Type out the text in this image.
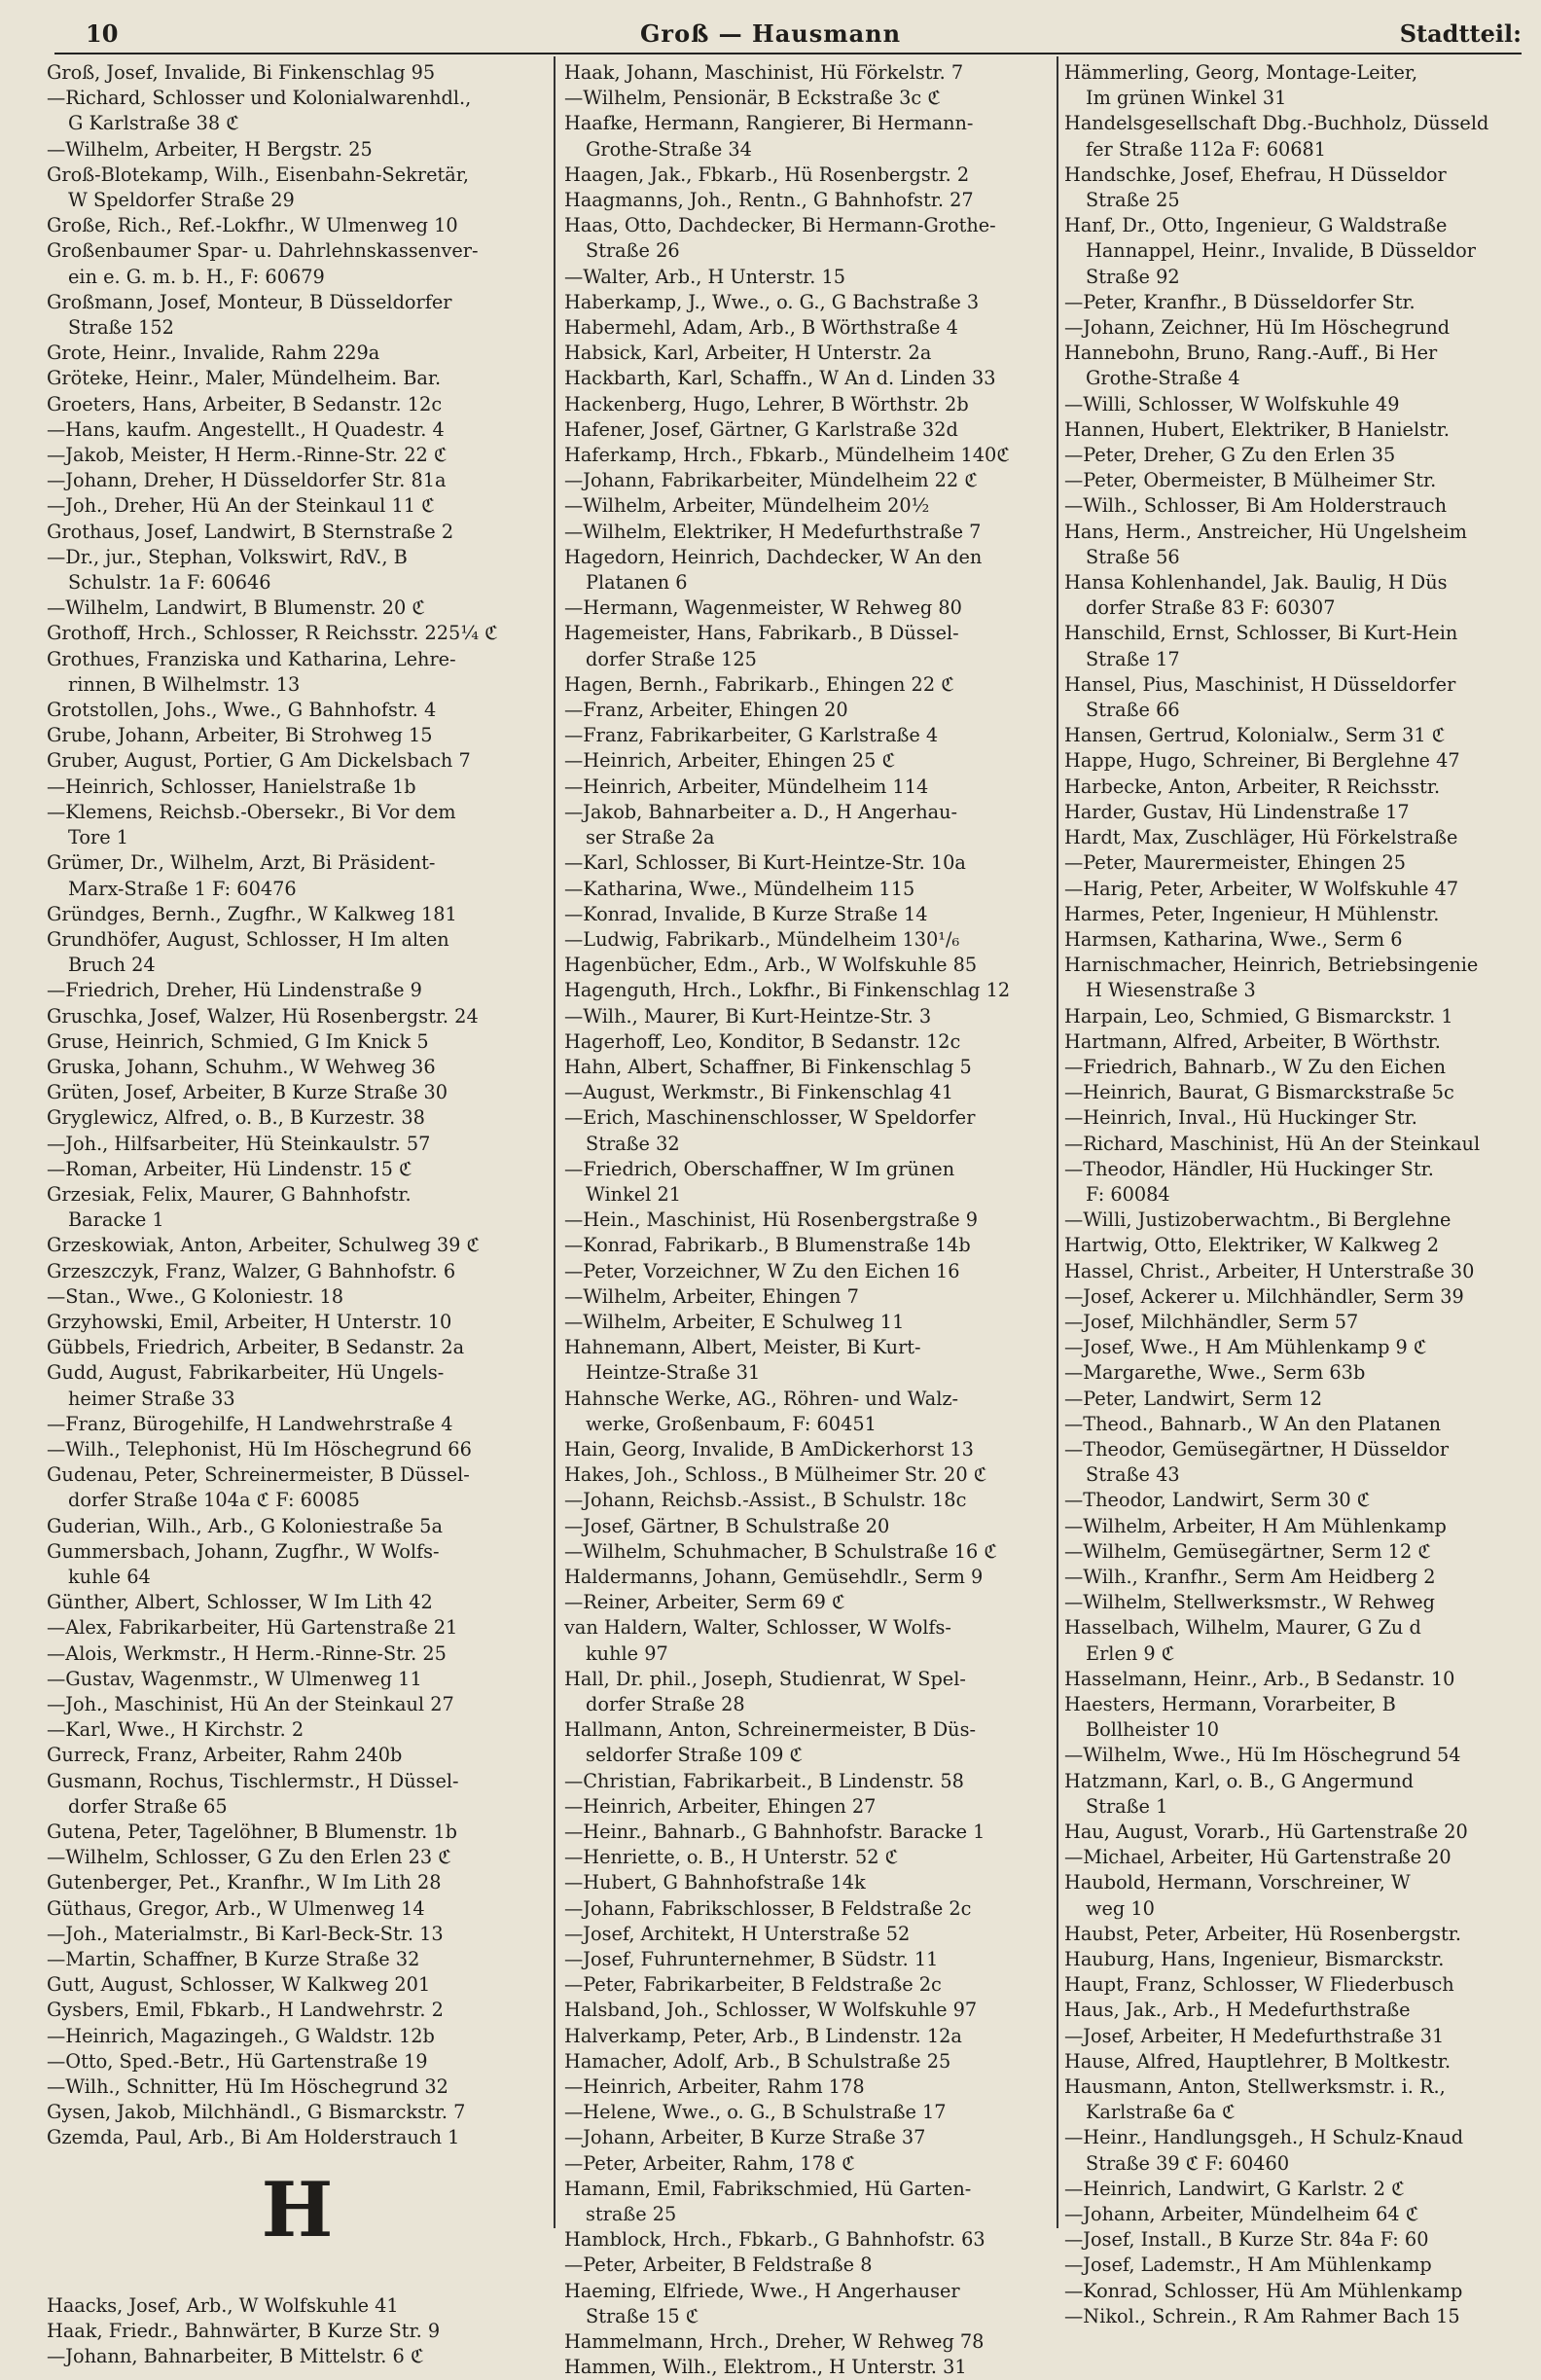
10	Groß — Hausmann	Stadtteil:
Groß, Josef, Invalide, Bi Finkenschlag 95
—Richard, Schlosser und Kolonialwarenhdl.,
G Karlstraße 38 ℭ
—Wilhelm, Arbeiter, H Bergstr. 25
Groß-Blotekamp, Wilh., Eisenbahn-Sekretär,
W Speldorfer Straße 29
Große, Rich., Ref.-Lokfhr., W Ulmenweg 10
Großenbaumer Spar- u. Dahrlehnskassenver-
ein e. G. m. b. H., F: 60679
Großmann, Josef, Monteur, B Düsseldorfer
Straße 152
Grote, Heinr., Invalide, Rahm 229a
Gröteke, Heinr., Maler, Mündelheim. Bar.
Groeters, Hans, Arbeiter, B Sedanstr. 12c
—Hans, kaufm. Angestellt., H Quadestr. 4
—Jakob, Meister, H Herm.-Rinne-Str. 22 ℭ
—Johann, Dreher, H Düsseldorfer Str. 81a
—Joh., Dreher, Hü An der Steinkaul 11 ℭ
Grothaus, Josef, Landwirt, B Sternstraße 2
—Dr., jur., Stephan, Volkswirt, RdV., B
Schulstr. 1a F: 60646
—Wilhelm, Landwirt, B Blumenstr. 20 ℭ
Grothoff, Hrch., Schlosser, R Reichsstr. 225¼ ℭ
Grothues, Franziska und Katharina, Lehre-
rinnen, B Wilhelmstr. 13
Grotstollen, Johs., Wwe., G Bahnhofstr. 4
Grube, Johann, Arbeiter, Bi Strohweg 15
Gruber, August, Portier, G Am Dickelsbach 7
—Heinrich, Schlosser, Hanielstraße 1b
—Klemens, Reichsb.-Obersekr., Bi Vor dem
Tore 1
Grümer, Dr., Wilhelm, Arzt, Bi Präsident-
Marx-Straße 1 F: 60476
Gründges, Bernh., Zugfhr., W Kalkweg 181
Grundhöfer, August, Schlosser, H Im alten
Bruch 24
—Friedrich, Dreher, Hü Lindenstraße 9
Gruschka, Josef, Walzer, Hü Rosenbergstr. 24
Gruse, Heinrich, Schmied, G Im Knick 5
Gruska, Johann, Schuhm., W Wehweg 36
Grüten, Josef, Arbeiter, B Kurze Straße 30
Gryglewicz, Alfred, o. B., B Kurzestr. 38
—Joh., Hilfsarbeiter, Hü Steinkaulstr. 57
—Roman, Arbeiter, Hü Lindenstr. 15 ℭ
Grzesiak, Felix, Maurer, G Bahnhofstr.
Baracke 1
Grzeskowiak, Anton, Arbeiter, Schulweg 39 ℭ
Grzeszczyk, Franz, Walzer, G Bahnhofstr. 6
—Stan., Wwe., G Koloniestr. 18
Grzyhowski, Emil, Arbeiter, H Unterstr. 10
Gübbels, Friedrich, Arbeiter, B Sedanstr. 2a
Gudd, August, Fabrikarbeiter, Hü Ungels-
heimer Straße 33
—Franz, Bürogehilfe, H Landwehrstraße 4
—Wilh., Telephonist, Hü Im Höschegrund 66
Gudenau, Peter, Schreinermeister, B Düssel-
dorfer Straße 104a ℭ F: 60085
Guderian, Wilh., Arb., G Koloniestraße 5a
Gummersbach, Johann, Zugfhr., W Wolfs-
kuhle 64
Günther, Albert, Schlosser, W Im Lith 42
—Alex, Fabrikarbeiter, Hü Gartenstraße 21
—Alois, Werkmstr., H Herm.-Rinne-Str. 25
—Gustav, Wagenmstr., W Ulmenweg 11
—Joh., Maschinist, Hü An der Steinkaul 27
—Karl, Wwe., H Kirchstr. 2
Gurreck, Franz, Arbeiter, Rahm 240b
Gusmann, Rochus, Tischlermstr., H Düssel-
dorfer Straße 65
Gutena, Peter, Tagelöhner, B Blumenstr. 1b
—Wilhelm, Schlosser, G Zu den Erlen 23 ℭ
Gutenberger, Pet., Kranfhr., W Im Lith 28
Güthaus, Gregor, Arb., W Ulmenweg 14
—Joh., Materialmstr., Bi Karl-Beck-Str. 13
—Martin, Schaffner, B Kurze Straße 32
Gutt, August, Schlosser, W Kalkweg 201
Gysbers, Emil, Fbkarb., H Landwehrstr. 2
—Heinrich, Magazingeh., G Waldstr. 12b
—Otto, Sped.-Betr., Hü Gartenstraße 19
—Wilh., Schnitter, Hü Im Höschegrund 32
Gysen, Jakob, Milchhändl., G Bismarckstr. 7
Gzemda, Paul, Arb., Bi Am Holderstrauch 1
H
Haacks, Josef, Arb., W Wolfskuhle 41
Haak, Friedr., Bahnwärter, B Kurze Str. 9
—Johann, Bahnarbeiter, B Mittelstr. 6 ℭ
Haak, Johann, Maschinist, Hü Förkelstr. 7
—Wilhelm, Pensionär, B Eckstraße 3c ℭ
Haafke, Hermann, Rangierer, Bi Hermann-
Grothe-Straße 34
Haagen, Jak., Fbkarb., Hü Rosenbergstr. 2
Haagmanns, Joh., Rentn., G Bahnhofstr. 27
Haas, Otto, Dachdecker, Bi Hermann-Grothe-
Straße 26
—Walter, Arb., H Unterstr. 15
Haberkamp, J., Wwe., o. G., G Bachstraße 3
Habermehl, Adam, Arb., B Wörthstraße 4
Habsick, Karl, Arbeiter, H Unterstr. 2a
Hackbarth, Karl, Schaffn., W An d. Linden 33
Hackenberg, Hugo, Lehrer, B Wörthstr. 2b
Hafener, Josef, Gärtner, G Karlstraße 32d
Haferkamp, Hrch., Fbkarb., Mündelheim 140ℭ
—Johann, Fabrikarbeiter, Mündelheim 22 ℭ
—Wilhelm, Arbeiter, Mündelheim 20½
—Wilhelm, Elektriker, H Medefurthstraße 7
Hagedorn, Heinrich, Dachdecker, W An den
Platanen 6
—Hermann, Wagenmeister, W Rehweg 80
Hagemeister, Hans, Fabrikarb., B Düssel-
dorfer Straße 125
Hagen, Bernh., Fabrikarb., Ehingen 22 ℭ
—Franz, Arbeiter, Ehingen 20
—Franz, Fabrikarbeiter, G Karlstraße 4
—Heinrich, Arbeiter, Ehingen 25 ℭ
—Heinrich, Arbeiter, Mündelheim 114
—Jakob, Bahnarbeiter a. D., H Angerhau-
ser Straße 2a
—Karl, Schlosser, Bi Kurt-Heintze-Str. 10a
—Katharina, Wwe., Mündelheim 115
—Konrad, Invalide, B Kurze Straße 14
—Ludwig, Fabrikarb., Mündelheim 130¹/₆
Hagenbücher, Edm., Arb., W Wolfskuhle 85
Hagenguth, Hrch., Lokfhr., Bi Finkenschlag 12
—Wilh., Maurer, Bi Kurt-Heintze-Str. 3
Hagerhoff, Leo, Konditor, B Sedanstr. 12c
Hahn, Albert, Schaffner, Bi Finkenschlag 5
—August, Werkmstr., Bi Finkenschlag 41
—Erich, Maschinenschlosser, W Speldorfer
Straße 32
—Friedrich, Oberschaffner, W Im grünen
Winkel 21
—Hein., Maschinist, Hü Rosenbergstraße 9
—Konrad, Fabrikarb., B Blumenstraße 14b
—Peter, Vorzeichner, W Zu den Eichen 16
—Wilhelm, Arbeiter, Ehingen 7
—Wilhelm, Arbeiter, E Schulweg 11
Hahnemann, Albert, Meister, Bi Kurt-
Heintze-Straße 31
Hahnsche Werke, AG., Röhren- und Walz-
werke, Großenbaum, F: 60451
Hain, Georg, Invalide, B AmDickerhorst 13
Hakes, Joh., Schloss., B Mülheimer Str. 20 ℭ
—Johann, Reichsb.-Assist., B Schulstr. 18c
—Josef, Gärtner, B Schulstraße 20
—Wilhelm, Schuhmacher, B Schulstraße 16 ℭ
Haldermanns, Johann, Gemüsehdlr., Serm 9
—Reiner, Arbeiter, Serm 69 ℭ
van Haldern, Walter, Schlosser, W Wolfs-
kuhle 97
Hall, Dr. phil., Joseph, Studienrat, W Spel-
dorfer Straße 28
Hallmann, Anton, Schreinermeister, B Düs-
seldorfer Straße 109 ℭ
—Christian, Fabrikarbeit., B Lindenstr. 58
—Heinrich, Arbeiter, Ehingen 27
—Heinr., Bahnarb., G Bahnhofstr. Baracke 1
—Henriette, o. B., H Unterstr. 52 ℭ
—Hubert, G Bahnhofstraße 14k
—Johann, Fabrikschlosser, B Feldstraße 2c
—Josef, Architekt, H Unterstraße 52
—Josef, Fuhrunternehmer, B Südstr. 11
—Peter, Fabrikarbeiter, B Feldstraße 2c
Halsband, Joh., Schlosser, W Wolfskuhle 97
Halverkamp, Peter, Arb., B Lindenstr. 12a
Hamacher, Adolf, Arb., B Schulstraße 25
—Heinrich, Arbeiter, Rahm 178
—Helene, Wwe., o. G., B Schulstraße 17
—Johann, Arbeiter, B Kurze Straße 37
—Peter, Arbeiter, Rahm, 178 ℭ
Hamann, Emil, Fabrikschmied, Hü Garten-
straße 25
Hamblock, Hrch., Fbkarb., G Bahnhofstr. 63
—Peter, Arbeiter, B Feldstraße 8
Haeming, Elfriede, Wwe., H Angerhauser
Straße 15 ℭ
Hammelmann, Hrch., Dreher, W Rehweg 78
Hammen, Wilh., Elektrom., H Unterstr. 31
Hämmerling, Georg, Montage-Leiter,
Im grünen Winkel 31
Handelsgesellschaft Dbg.-Buchholz, Düsseld
fer Straße 112a F: 60681
Handschke, Josef, Ehefrau, H Düsseldor
Straße 25
Hanf, Dr., Otto, Ingenieur, G Waldstraße
Hannappel, Heinr., Invalide, B Düsseldor
Straße 92
—Peter, Kranfhr., B Düsseldorfer Str.
—Johann, Zeichner, Hü Im Höschegrund
Hannebohn, Bruno, Rang.-Auff., Bi Her
Grothe-Straße 4
—Willi, Schlosser, W Wolfskuhle 49
Hannen, Hubert, Elektriker, B Hanielstr.
—Peter, Dreher, G Zu den Erlen 35
—Peter, Obermeister, B Mülheimer Str.
—Wilh., Schlosser, Bi Am Holderstrauch
Hans, Herm., Anstreicher, Hü Ungelsheim
Straße 56
Hansa Kohlenhandel, Jak. Baulig, H Düs
dorfer Straße 83 F: 60307
Hanschild, Ernst, Schlosser, Bi Kurt-Hein
Straße 17
Hansel, Pius, Maschinist, H Düsseldorfer
Straße 66
Hansen, Gertrud, Kolonialw., Serm 31 ℭ
Happe, Hugo, Schreiner, Bi Berglehne 47
Harbecke, Anton, Arbeiter, R Reichsstr.
Harder, Gustav, Hü Lindenstraße 17
Hardt, Max, Zuschläger, Hü Förkelstraße
—Peter, Maurermeister, Ehingen 25
—Harig, Peter, Arbeiter, W Wolfskuhle 47
Harmes, Peter, Ingenieur, H Mühlenstr.
Harmsen, Katharina, Wwe., Serm 6
Harnischmacher, Heinrich, Betriebsingenie
H Wiesenstraße 3
Harpain, Leo, Schmied, G Bismarckstr. 1
Hartmann, Alfred, Arbeiter, B Wörthstr.
—Friedrich, Bahnarb., W Zu den Eichen
—Heinrich, Baurat, G Bismarckstraße 5c
—Heinrich, Inval., Hü Huckinger Str.
—Richard, Maschinist, Hü An der Steinkaul
—Theodor, Händler, Hü Huckinger Str.
F: 60084
—Willi, Justizoberwachtm., Bi Berglehne
Hartwig, Otto, Elektriker, W Kalkweg 2
Hassel, Christ., Arbeiter, H Unterstraße 30
—Josef, Ackerer u. Milchhändler, Serm 39
—Josef, Milchhändler, Serm 57
—Josef, Wwe., H Am Mühlenkamp 9 ℭ
—Margarethe, Wwe., Serm 63b
—Peter, Landwirt, Serm 12
—Theod., Bahnarb., W An den Platanen
—Theodor, Gemüsegärtner, H Düsseldor
Straße 43
—Theodor, Landwirt, Serm 30 ℭ
—Wilhelm, Arbeiter, H Am Mühlenkamp
—Wilhelm, Gemüsegärtner, Serm 12 ℭ
—Wilh., Kranfhr., Serm Am Heidberg 2
—Wilhelm, Stellwerksmstr., W Rehweg
Hasselbach, Wilhelm, Maurer, G Zu d
Erlen 9 ℭ
Hasselmann, Heinr., Arb., B Sedanstr. 10
Haesters, Hermann, Vorarbeiter, B
Bollheister 10
—Wilhelm, Wwe., Hü Im Höschegrund 54
Hatzmann, Karl, o. B., G Angermund
Straße 1
Hau, August, Vorarb., Hü Gartenstraße 20
—Michael, Arbeiter, Hü Gartenstraße 20
Haubold, Hermann, Vorschreiner, W
weg 10
Haubst, Peter, Arbeiter, Hü Rosenbergstr.
Hauburg, Hans, Ingenieur, Bismarckstr.
Haupt, Franz, Schlosser, W Fliederbusch
Haus, Jak., Arb., H Medefurthstraße
—Josef, Arbeiter, H Medefurthstraße 31
Hause, Alfred, Hauptlehrer, B Moltkestr.
Hausmann, Anton, Stellwerksmstr. i. R.,
Karlstraße 6a ℭ
—Heinr., Handlungsgeh., H Schulz-Knaud
Straße 39 ℭ F: 60460
—Heinrich, Landwirt, G Karlstr. 2 ℭ
—Johann, Arbeiter, Mündelheim 64 ℭ
—Josef, Install., B Kurze Str. 84a F: 60
—Josef, Lademstr., H Am Mühlenkamp
—Konrad, Schlosser, Hü Am Mühlenkamp
—Nikol., Schrein., R Am Rahmer Bach 15
